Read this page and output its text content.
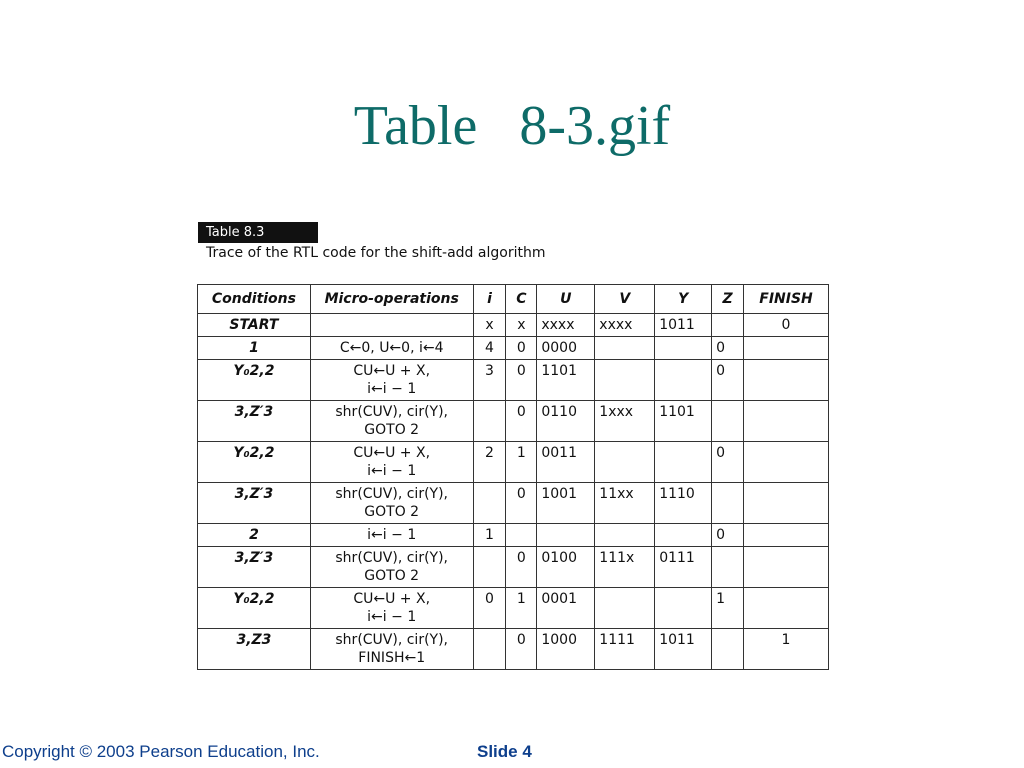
Table   8-3.gif
Table 8.3
Trace of the RTL code for the shift-add algorithm
Conditions	Micro-operations	i	C	U	V	Y	Z	FINISH
START		x	x	xxxx	xxxx	1011		0
1	C←0, U←0, i←4	4	0	0000			0	
Y₀2,2	CU←U + X,
i←i − 1	3	0	1101			0	
3,Z′3	shr(CUV), cir(Y),
GOTO 2		0	0110	1xxx	1101		
Y₀2,2	CU←U + X,
i←i − 1	2	1	0011			0	
3,Z′3	shr(CUV), cir(Y),
GOTO 2		0	1001	11xx	1110		
2	i←i − 1	1					0	
3,Z′3	shr(CUV), cir(Y),
GOTO 2		0	0100	111x	0111		
Y₀2,2	CU←U + X,
i←i − 1	0	1	0001			1	
3,Z3	shr(CUV), cir(Y),
FINISH←1		0	1000	1111	1011		1
Copyright © 2003 Pearson Education, Inc.	Slide 4
